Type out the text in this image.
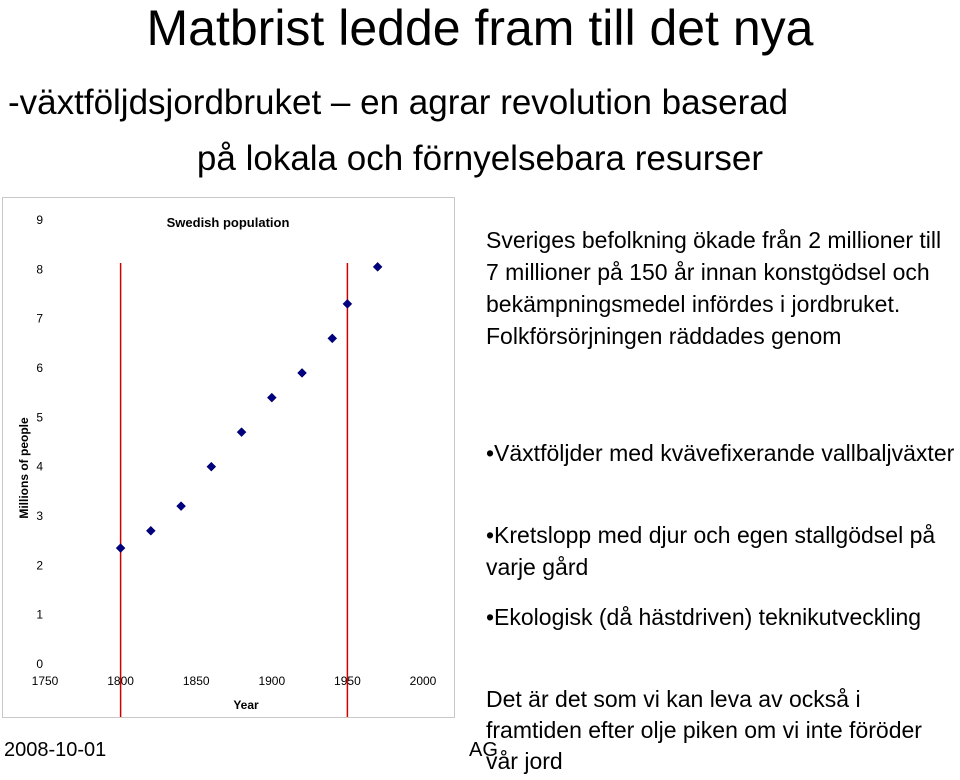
Matbrist ledde fram till det nya
-växtföljdsjordbruket – en agrar revolution baserad
på lokala och förnyelsebara resurser
Swedish population
0
1
2
3
4
5
6
7
8
9
1750	1800	1850	1900	1950	2000
Year
Millions of people

Sveriges befolkning ökade från 2 millioner till 7 millioner på 150 år innan konstgödsel och bekämpningsmedel infördes i jordbruket. Folkförsörjningen räddades genom

•Växtföljder med kvävefixerande vallbaljväxter

•Kretslopp med djur och egen stallgödsel på varje gård

•Ekologisk (då hästdriven) teknikutveckling

Det är det som vi kan leva av också i framtiden efter olje piken om vi inte föröder vår jord

2008-10-01	AG
